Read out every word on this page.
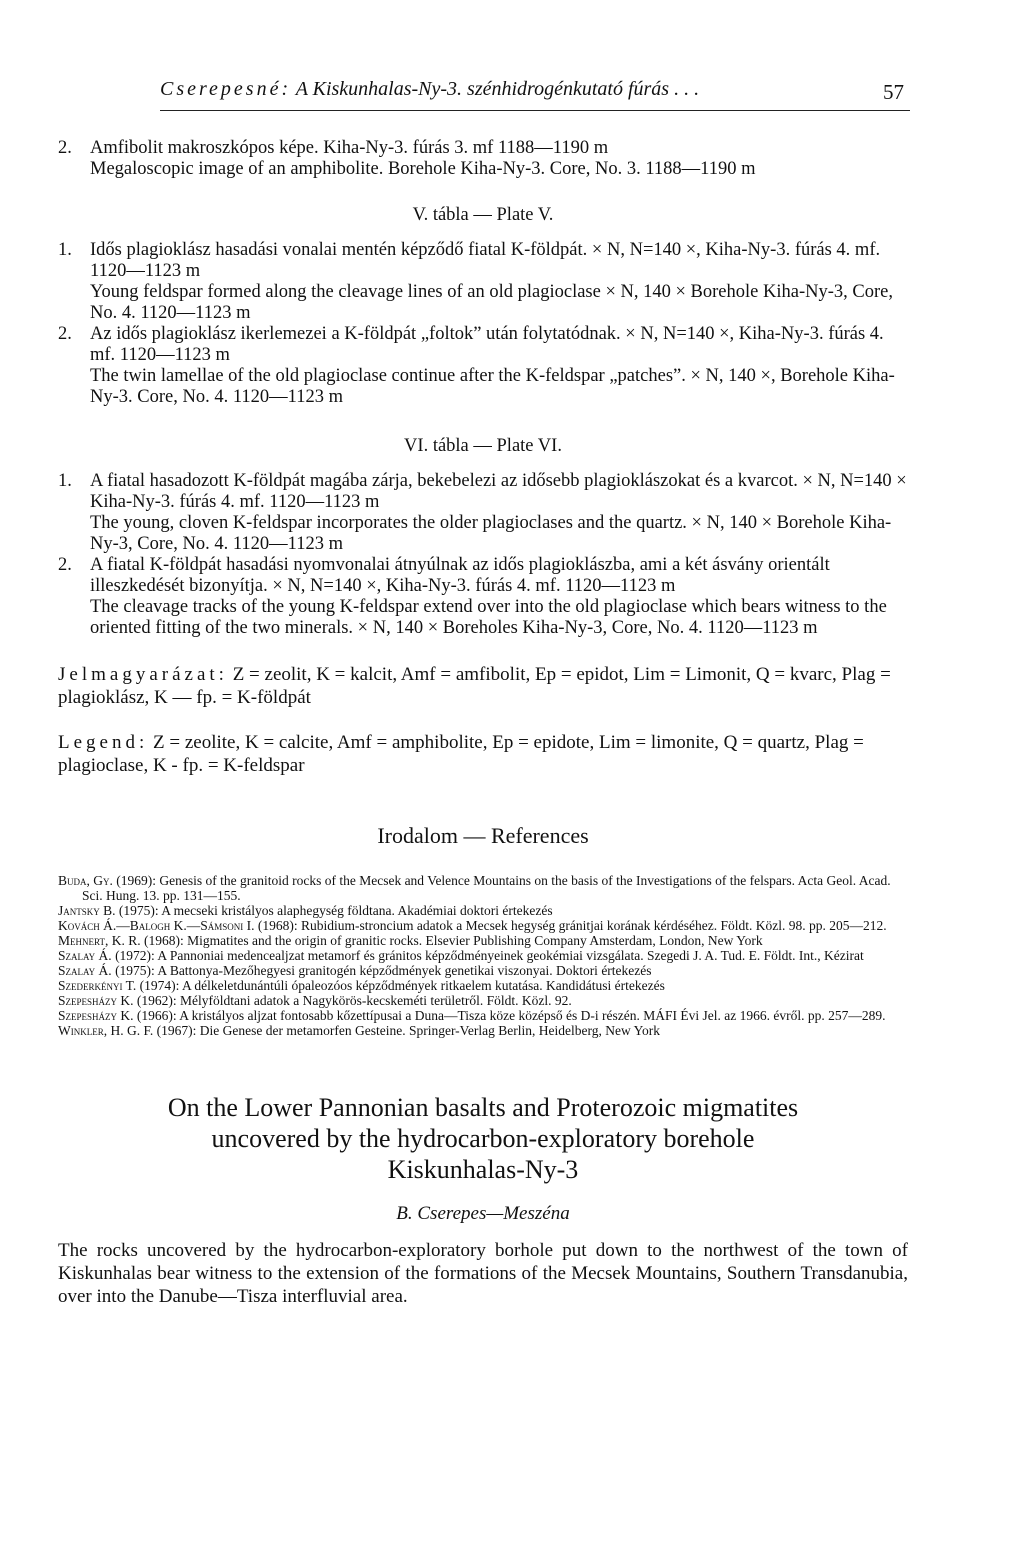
Cserepesné: A Kiskunhalas-Ny-3. szénhidrogénkutató fúrás . . .	57
2. Amfibolit makroszkópos képe. Kiha-Ny-3. fúrás 3. mf 1188—1190 m

Megaloscopic image of an amphibolite. Borehole Kiha-Ny-3. Core, No. 3. 1188—1190 m

V. tábla — Plate V.
1. Idős plagioklász hasadási vonalai mentén képződő fiatal K-földpát. × N, N=140 ×, Kiha-Ny-3. fúrás 4. mf. 1120—1123 m

Young feldspar formed along the cleavage lines of an old plagioclase × N, 140 × Borehole Kiha-Ny-3, Core, No. 4. 1120—1123 m

2. Az idős plagioklász ikerlemezei a K-földpát „foltok” után folytatódnak. × N, N=140 ×, Kiha-Ny-3. fúrás 4. mf. 1120—1123 m

The twin lamellae of the old plagioclase continue after the K-feldspar „patches”. × N, 140 ×, Borehole Kiha-Ny-3. Core, No. 4. 1120—1123 m

VI. tábla — Plate VI.
1. A fiatal hasadozott K-földpát magába zárja, bekebelezi az idősebb plagioklászokat és a kvarcot. × N, N=140 × Kiha-Ny-3. fúrás 4. mf. 1120—1123 m

The young, cloven K-feldspar incorporates the older plagioclases and the quartz. × N, 140 × Borehole Kiha-Ny-3, Core, No. 4. 1120—1123 m

2. A fiatal K-földpát hasadási nyomvonalai átnyúlnak az idős plagioklászba, ami a két ásvány orientált illeszkedését bizonyítja. × N, N=140 ×, Kiha-Ny-3. fúrás 4. mf. 1120—1123 m

The cleavage tracks of the young K-feldspar extend over into the old plagioclase which bears witness to the oriented fitting of the two minerals. × N, 140 × Boreholes Kiha-Ny-3, Core, No. 4. 1120—1123 m

Jelmagyarázat: Z = zeolit, K = kalcit, Amf = amfibolit, Ep = epidot, Lim = Limonit, Q = kvarc, Plag = plagioklász, K — fp. = K-földpát
Legend: Z = zeolite, K = calcite, Amf = amphibolite, Ep = epidote, Lim = limonite, Q = quartz, Plag = plagioclase, K - fp. = K-feldspar
Irodalom — References

Buda, Gy. (1969): Genesis of the granitoid rocks of the Mecsek and Velence Mountains on the basis of the Investigations of the felspars. Acta Geol. Acad. Sci. Hung. 13. pp. 131—155.

Jantsky B. (1975): A mecseki kristályos alaphegység földtana. Akadémiai doktori értekezés

Kovách Á.—Balogh K.—Sámsoni I. (1968): Rubidium-stroncium adatok a Mecsek hegység gránitjai korának kérdéséhez. Földt. Közl. 98. pp. 205—212.

Mehnert, K. R. (1968): Migmatites and the origin of granitic rocks. Elsevier Publishing Company Amsterdam, London, New York

Szalay Á. (1972): A Pannoniai medencealjzat metamorf és gránitos képződményeinek geokémiai vizsgálata. Szegedi J. A. Tud. E. Földt. Int., Kézirat

Szalay Á. (1975): A Battonya-Mezőhegyesi granitogén képződmények genetikai viszonyai. Doktori értekezés

Szederkényi T. (1974): A délkeletdunántúli ópaleozóos képződmények ritkaelem kutatása. Kandidátusi értekezés

Szepesházy K. (1962): Mélyföldtani adatok a Nagykörös-kecskeméti területről. Földt. Közl. 92.

Szepesházy K. (1966): A kristályos aljzat fontosabb kőzettípusai a Duna—Tisza köze középső és D-i részén. MÁFI Évi Jel. az 1966. évről. pp. 257—289.

Winkler, H. G. F. (1967): Die Genese der metamorfen Gesteine. Springer-Verlag Berlin, Heidelberg, New York

On the Lower Pannonian basalts and Proterozoic migmatites
uncovered by the hydrocarbon-exploratory borehole
Kiskunhalas-Ny-3
B. Cserepes—Meszéna

The rocks uncovered by the hydrocarbon-exploratory borhole put down to the northwest of the town of Kiskunhalas bear witness to the extension of the formations of the Mecsek Mountains, Southern Transdanubia, over into the Danube—Tisza interfluvial area.
